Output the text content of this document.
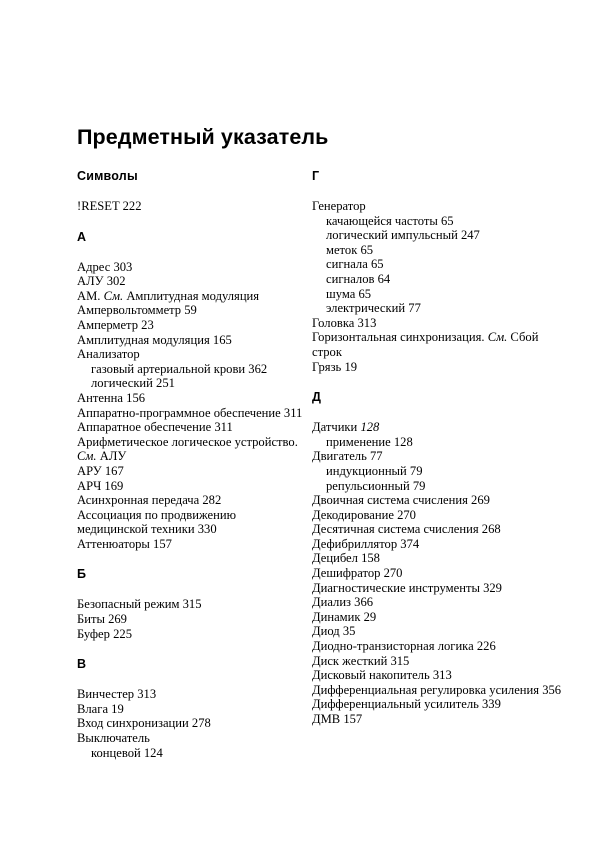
Предметный указатель
Символы
!RESET 222
А
Адрес 303
АЛУ 302
АМ. См. Амплитудная модуляция
Ампервольтомметр 59
Амперметр 23
Амплитудная модуляция 165
Анализатор
газовый артериальной крови 362
логический 251
Антенна 156
Аппаратно-программное обеспечение 311
Аппаратное обеспечение 311
Арифметическое логическое устройство. См. АЛУ
АРУ 167
АРЧ 169
Асинхронная передача 282
Ассоциация по продвижению медицинской техники 330
Аттенюаторы 157
Б
Безопасный режим 315
Биты 269
Буфер 225
В
Винчестер 313
Влага 19
Вход синхронизации 278
Выключатель
концевой 124
Г
Генератор
качающейся частоты 65
логический импульсный 247
меток 65
сигнала 65
сигналов 64
шума 65
электрический 77
Головка 313
Горизонтальная синхронизация. См. Сбой строк
Грязь 19
Д
Датчики 128
применение 128
Двигатель 77
индукционный 79
репульсионный 79
Двоичная система счисления 269
Декодирование 270
Десятичная система счисления 268
Дефибриллятор 374
Децибел 158
Дешифратор 270
Диагностические инструменты 329
Диализ 366
Динамик 29
Диод 35
Диодно-транзисторная логика 226
Диск жесткий 315
Дисковый накопитель 313
Дифференциальная регулировка усиления 356
Дифференциальный усилитель 339
ДМВ 157
